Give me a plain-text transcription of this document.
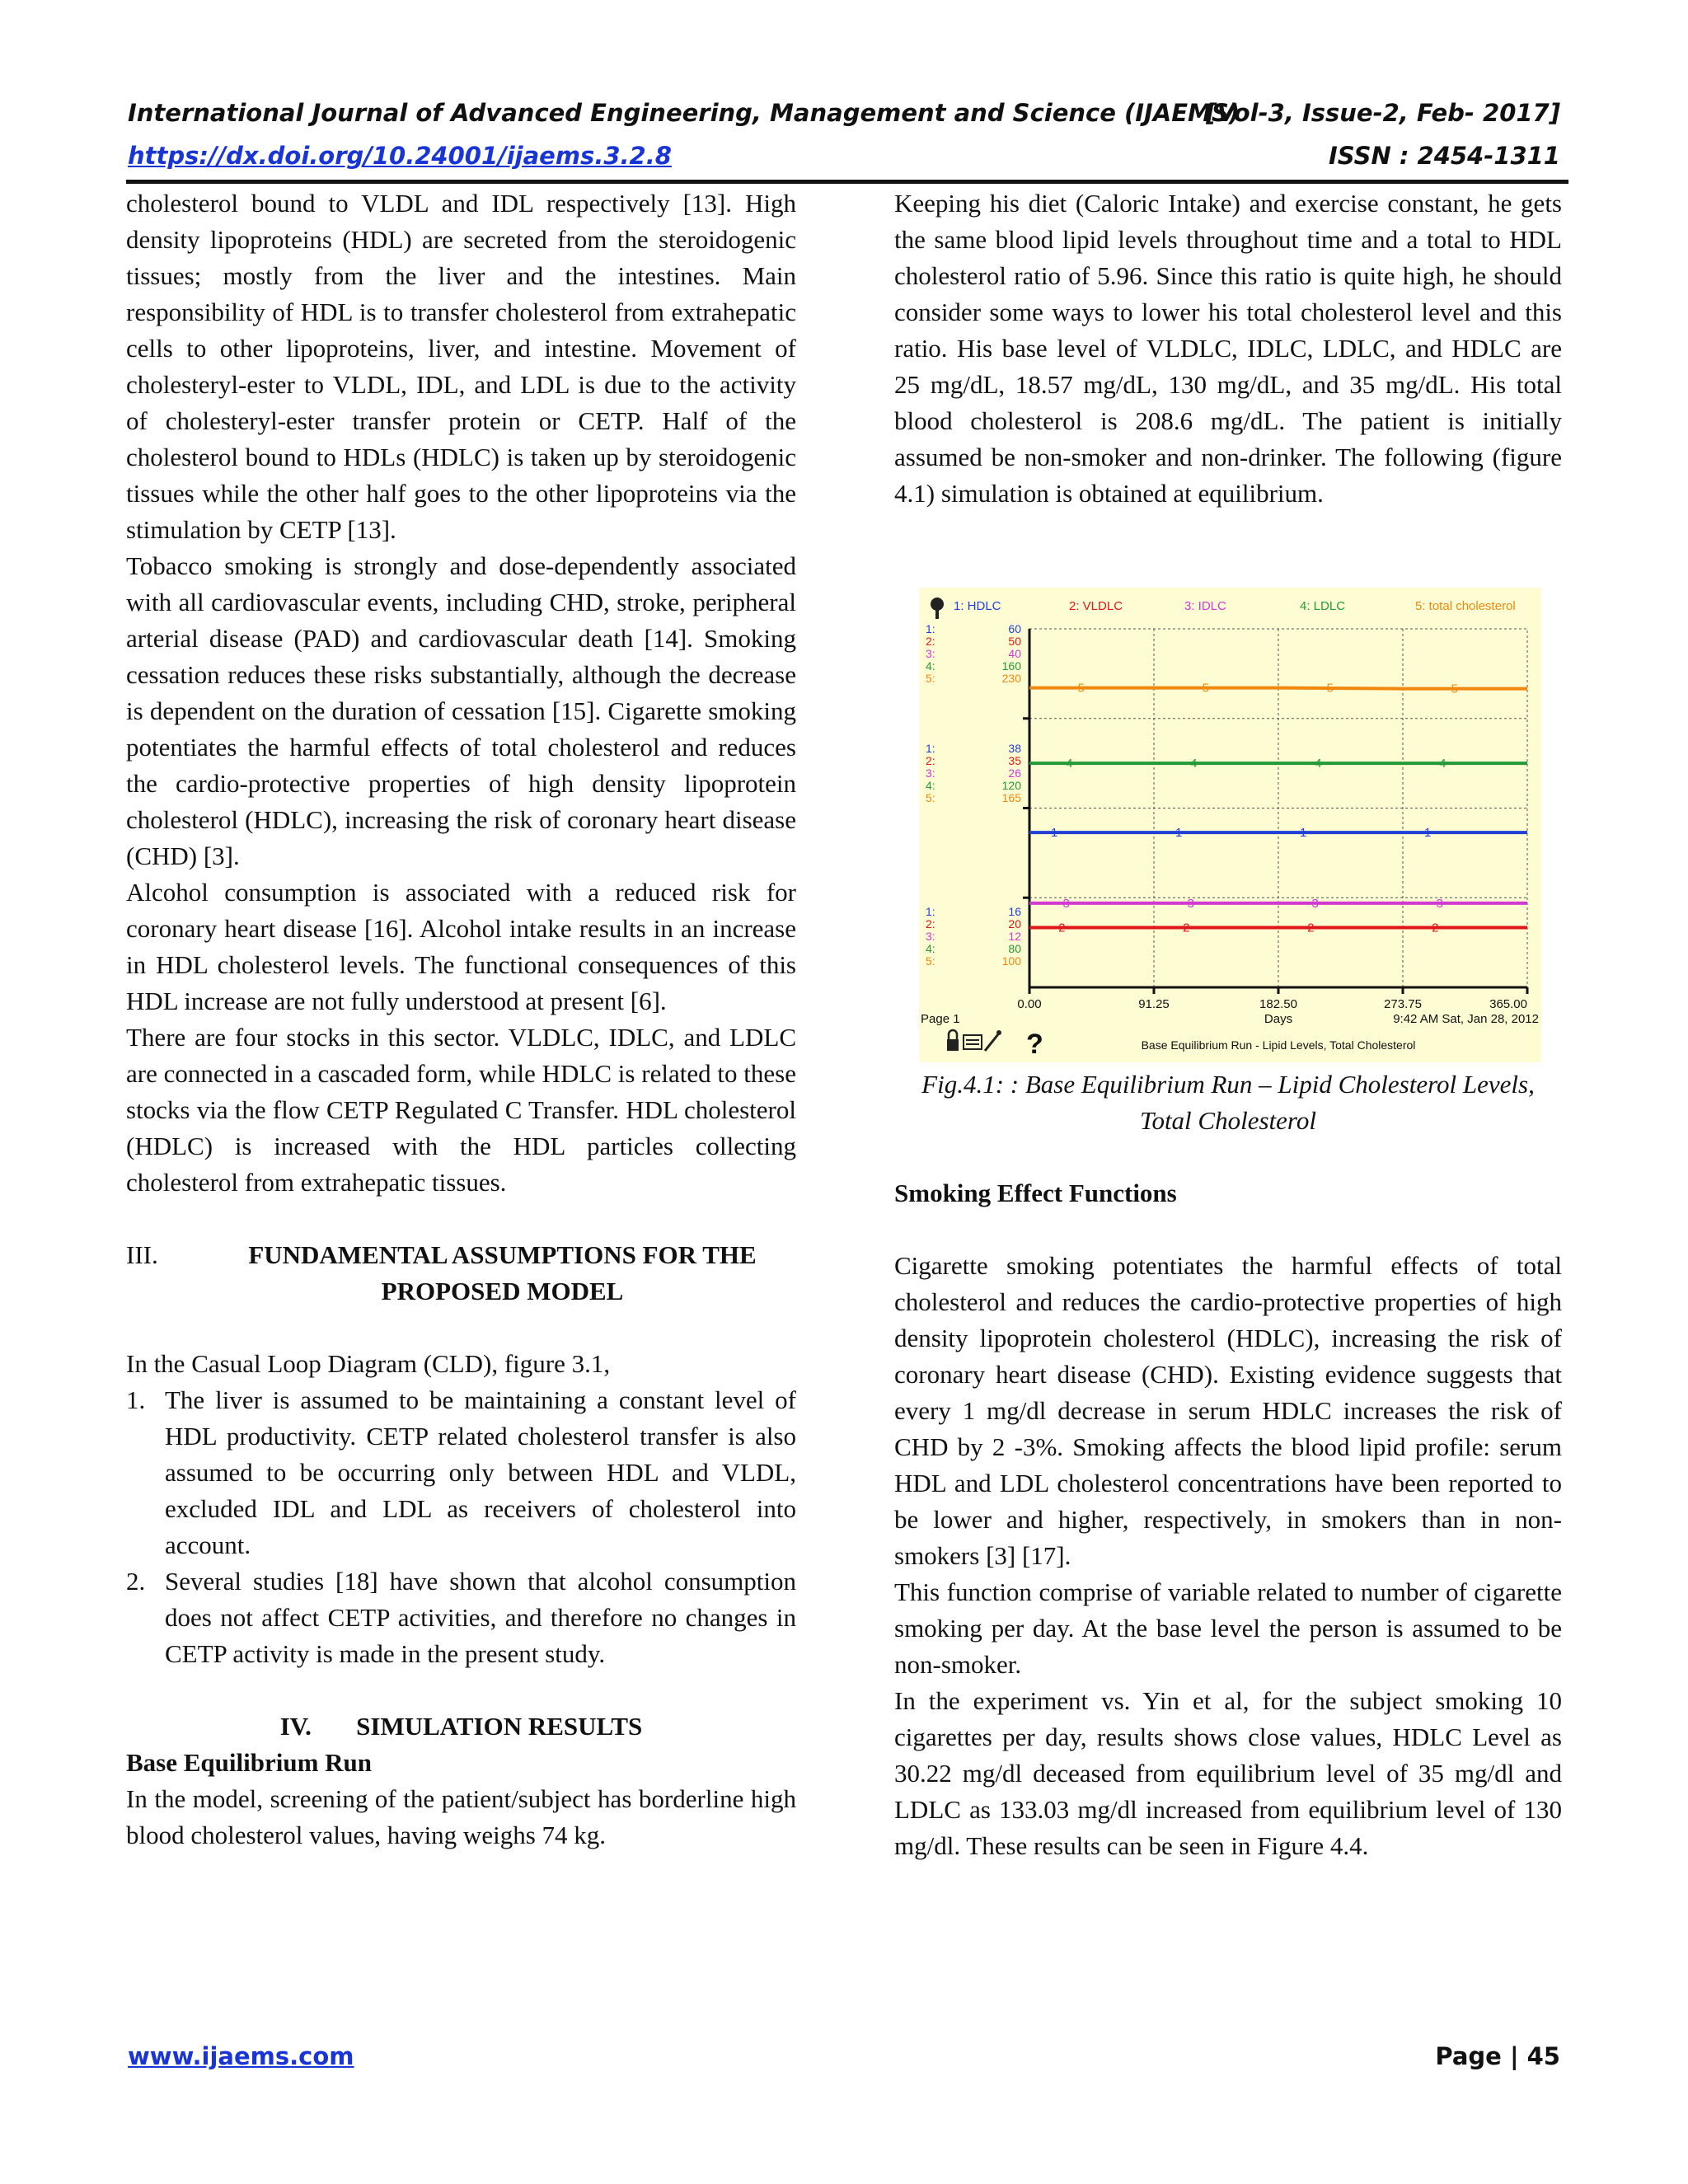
International Journal of Advanced Engineering, Management and Science (IJAEMS)
[Vol-3, Issue-2, Feb- 2017]
https://dx.doi.org/10.24001/ijaems.3.2.8	ISSN : 2454-1311

cholesterol bound to VLDL and IDL respectively [13]. High density lipoproteins (HDL) are secreted from the steroidogenic tissues; mostly from the liver and the intestines. Main responsibility of HDL is to transfer cholesterol from extrahepatic cells to other lipoproteins, liver, and intestine. Movement of cholesteryl-ester to VLDL, IDL, and LDL is due to the activity of cholesteryl-ester transfer protein or CETP. Half of the cholesterol bound to HDLs (HDLC) is taken up by steroidogenic tissues while the other half goes to the other lipoproteins via the stimulation by CETP [13].

Tobacco smoking is strongly and dose-dependently associated with all cardiovascular events, including CHD, stroke, peripheral arterial disease (PAD) and cardiovascular death [14]. Smoking cessation reduces these risks substantially, although the decrease is dependent on the duration of cessation [15]. Cigarette smoking potentiates the harmful effects of total cholesterol and reduces the cardio-protective properties of high density lipoprotein cholesterol (HDLC), increasing the risk of coronary heart disease (CHD) [3].

Alcohol consumption is associated with a reduced risk for coronary heart disease [16]. Alcohol intake results in an increase in HDL cholesterol levels. The functional consequences of this HDL increase are not fully understood at present [6].

There are four stocks in this sector. VLDLC, IDLC, and LDLC are connected in a cascaded form, while HDLC is related to these stocks via the flow CETP Regulated C Transfer. HDL cholesterol (HDLC) is increased with the HDL particles collecting cholesterol from extrahepatic tissues.

III.	FUNDAMENTAL ASSUMPTIONS FOR THE
PROPOSED MODEL

In the Casual Loop Diagram (CLD), figure 3.1,

1. The liver is assumed to be maintaining a constant level of HDL productivity. CETP related cholesterol transfer is also assumed to be occurring only between HDL and VLDL, excluded IDL and LDL as receivers of cholesterol into account.
2. Several studies [18] have shown that alcohol consumption does not affect CETP activities, and therefore no changes in CETP activity is made in the present study.

IV.       SIMULATION RESULTS

Base Equilibrium Run

In the model, screening of the patient/subject has borderline high blood cholesterol values, having weighs 74 kg.

Keeping his diet (Caloric Intake) and exercise constant, he gets the same blood lipid levels throughout time and a total to HDL cholesterol ratio of 5.96. Since this ratio is quite high, he should consider some ways to lower his total cholesterol level and this ratio. His base level of VLDLC, IDLC, LDLC, and HDLC are 25 mg/dL, 18.57 mg/dL, 130 mg/dL, and 35 mg/dL. His total blood cholesterol is 208.6 mg/dL. The patient is initially assumed be non-smoker and non-drinker. The following (figure 4.1) simulation is obtained at equilibrium.

1: HDLC	2: VLDLC	3: IDLC	4: LDLC	5: total cholesterol
1:	60
2:	50
3:	40
4:	160
5:	230
1:	38
2:	35
3:	26
4:	120
5:	165
1:	16
2:	20
3:	12
4:	80
5:	100
1	1	1	1
2	2	2	2
3	3	3	3
4	4	4	4
5	5	5	5
0.00	91.25	182.50	273.75	365.00
Page 1	Days	9:42 AM Sat, Jan 28, 2012
?	Base Equilibrium Run - Lipid Levels, Total Cholesterol
Fig.4.1: : Base Equilibrium Run – Lipid Cholesterol Levels,
Total Cholesterol

Smoking Effect Functions

Cigarette smoking potentiates the harmful effects of total cholesterol and reduces the cardio-protective properties of high density lipoprotein cholesterol (HDLC), increasing the risk of coronary heart disease (CHD). Existing evidence suggests that every 1 mg/dl decrease in serum HDLC increases the risk of CHD by 2 -3%. Smoking affects the blood lipid profile: serum HDL and LDL cholesterol concentrations have been reported to be lower and higher, respectively, in smokers than in non-smokers [3] [17].

This function comprise of variable related to number of cigarette smoking per day. At the base level the person is assumed to be non-smoker.

In the experiment vs. Yin et al, for the subject smoking 10 cigarettes per day, results shows close values, HDLC Level as 30.22 mg/dl deceased from equilibrium level of 35 mg/dl and LDLC as 133.03 mg/dl increased from equilibrium level of 130 mg/dl. These results can be seen in Figure 4.4.

www.ijaems.com	Page | 45
